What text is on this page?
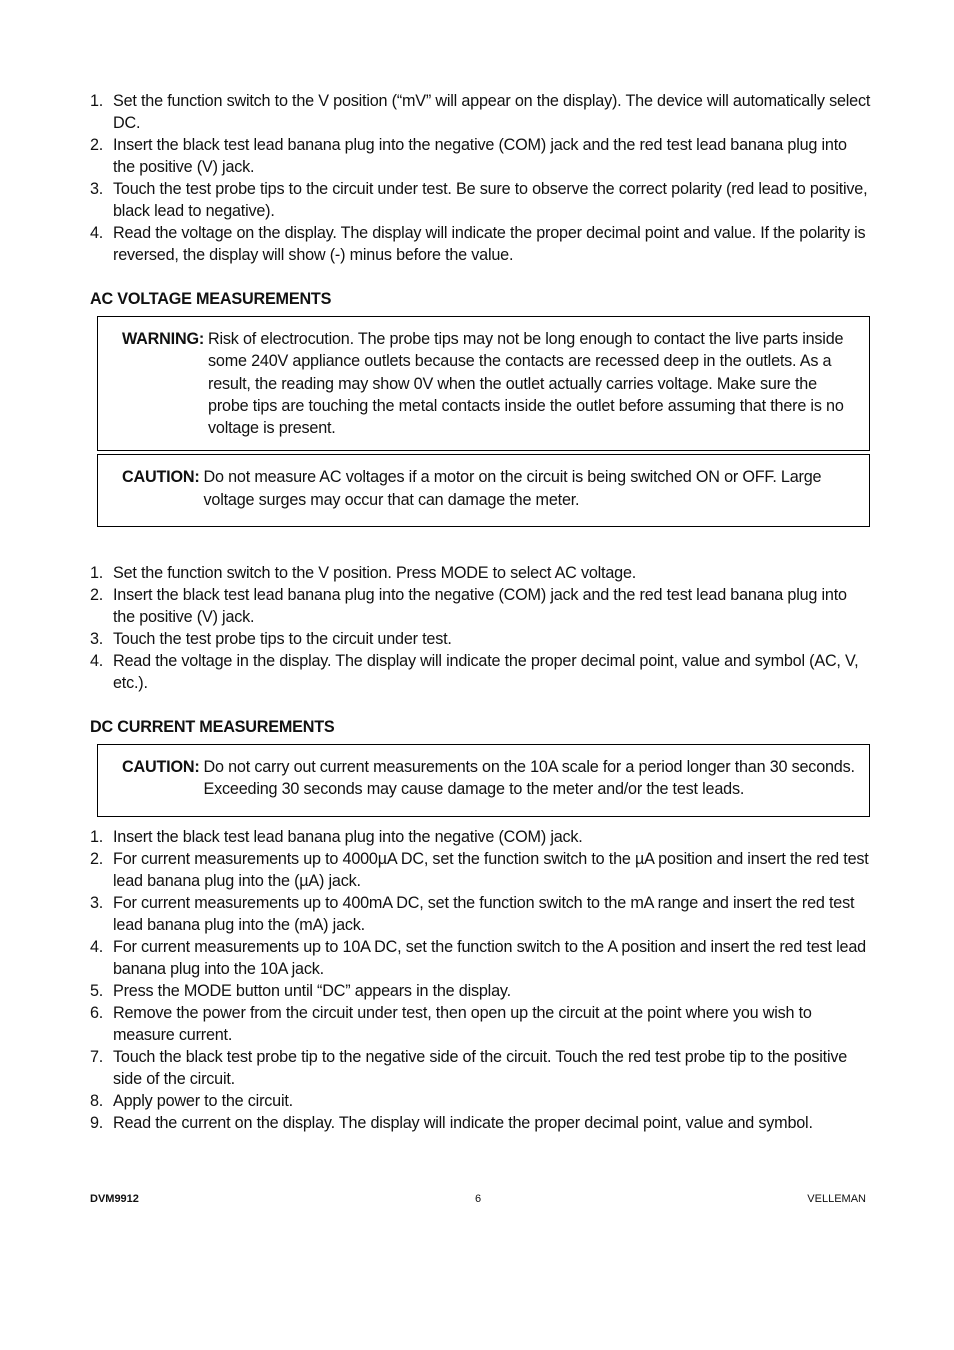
1. Set the function switch to the V position (“mV” will appear on the display). The device will automatically select DC.
2. Insert the black test lead banana plug into the negative (COM) jack and the red test lead banana plug into the positive (V) jack.
3. Touch the test probe tips to the circuit under test. Be sure to observe the correct polarity (red lead to positive, black lead to negative).
4. Read the voltage on the display. The display will indicate the proper decimal point and value. If the polarity is reversed, the display will show (-) minus before the value.
AC VOLTAGE MEASUREMENTS
WARNING: Risk of electrocution. The probe tips may not be long enough to contact the live parts inside some 240V appliance outlets because the contacts are recessed deep in the outlets. As a result, the reading may show 0V when the outlet actually carries voltage. Make sure the probe tips are touching the metal contacts inside the outlet before assuming that there is no voltage is present.
CAUTION: Do not measure AC voltages if a motor on the circuit is being switched ON or OFF. Large voltage surges may occur that can damage the meter.
1. Set the function switch to the V position. Press MODE to select AC voltage.
2. Insert the black test lead banana plug into the negative (COM) jack and the red test lead banana plug into the positive (V) jack.
3. Touch the test probe tips to the circuit under test.
4. Read the voltage in the display. The display will indicate the proper decimal point, value and symbol (AC, V, etc.).
DC CURRENT MEASUREMENTS
CAUTION: Do not carry out current measurements on the 10A scale for a period longer than 30 seconds. Exceeding 30 seconds may cause damage to the meter and/or the test leads.
1. Insert the black test lead banana plug into the negative (COM) jack.
2. For current measurements up to 4000µA DC, set the function switch to the µA position and insert the red test lead banana plug into the (µA) jack.
3. For current measurements up to 400mA DC, set the function switch to the mA range and insert the red test lead banana plug into the (mA) jack.
4. For current measurements up to 10A DC, set the function switch to the A position and insert the red test lead banana plug into the 10A jack.
5. Press the MODE button until “DC” appears in the display.
6. Remove the power from the circuit under test, then open up the circuit at the point where you wish to measure current.
7. Touch the black test probe tip to the negative side of the circuit. Touch the red test probe tip to the positive side of the circuit.
8. Apply power to the circuit.
9. Read the current on the display. The display will indicate the proper decimal point, value and symbol.
DVM9912	6	VELLEMAN
